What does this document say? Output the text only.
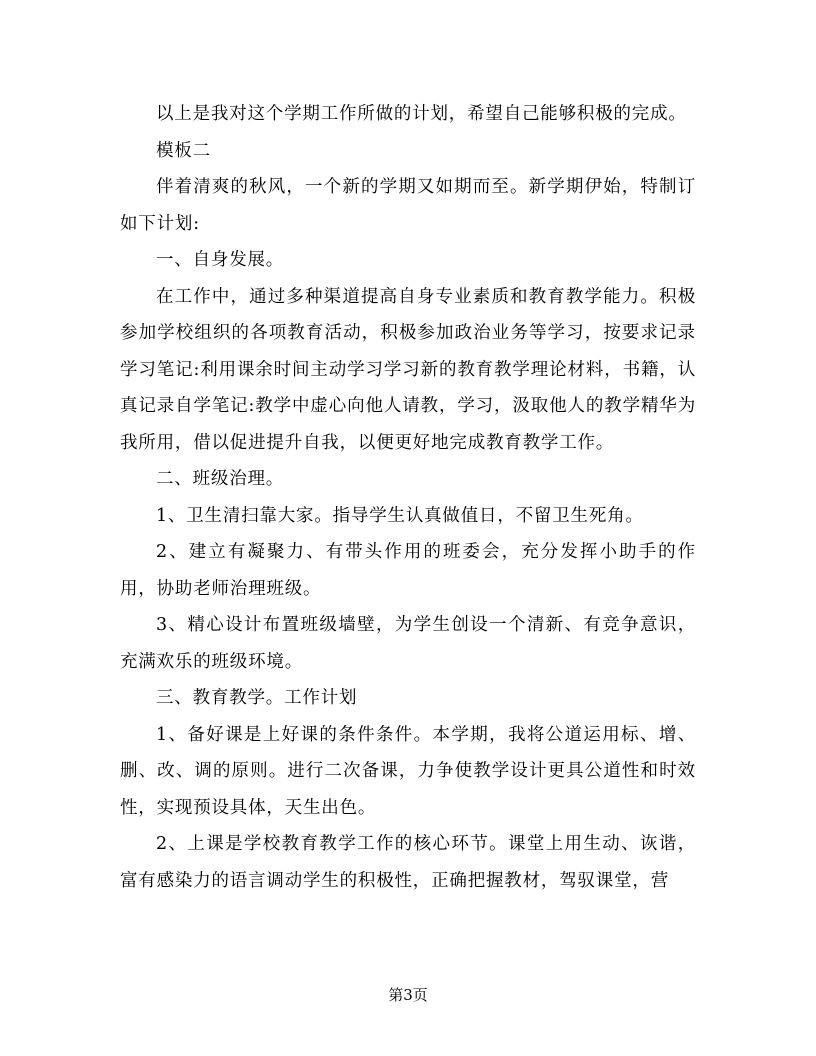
以上是我对这个学期工作所做的计划，希望自己能够积极的完成。

模板二

伴着清爽的秋风，一个新的学期又如期而至。新学期伊始，特制订如下计划:

一、自身发展。

在工作中，通过多种渠道提高自身专业素质和教育教学能力。积极参加学校组织的各项教育活动，积极参加政治业务等学习，按要求记录学习笔记:利用课余时间主动学习学习新的教育教学理论材料，书籍，认真记录自学笔记:教学中虚心向他人请教，学习，汲取他人的教学精华为我所用，借以促进提升自我，以便更好地完成教育教学工作。

二、班级治理。

1、卫生清扫靠大家。指导学生认真做值日，不留卫生死角。

2、建立有凝聚力、有带头作用的班委会，充分发挥小助手的作用，协助老师治理班级。

3、精心设计布置班级墙壁，为学生创设一个清新、有竞争意识，充满欢乐的班级环境。

三、教育教学。工作计划

1、备好课是上好课的条件条件。本学期，我将公道运用标、增、删、改、调的原则。进行二次备课，力争使教学设计更具公道性和时效性，实现预设具体，天生出色。

2、上课是学校教育教学工作的核心环节。课堂上用生动、诙谐，富有感染力的语言调动学生的积极性，正确把握教材，驾驭课堂，营

第3页
